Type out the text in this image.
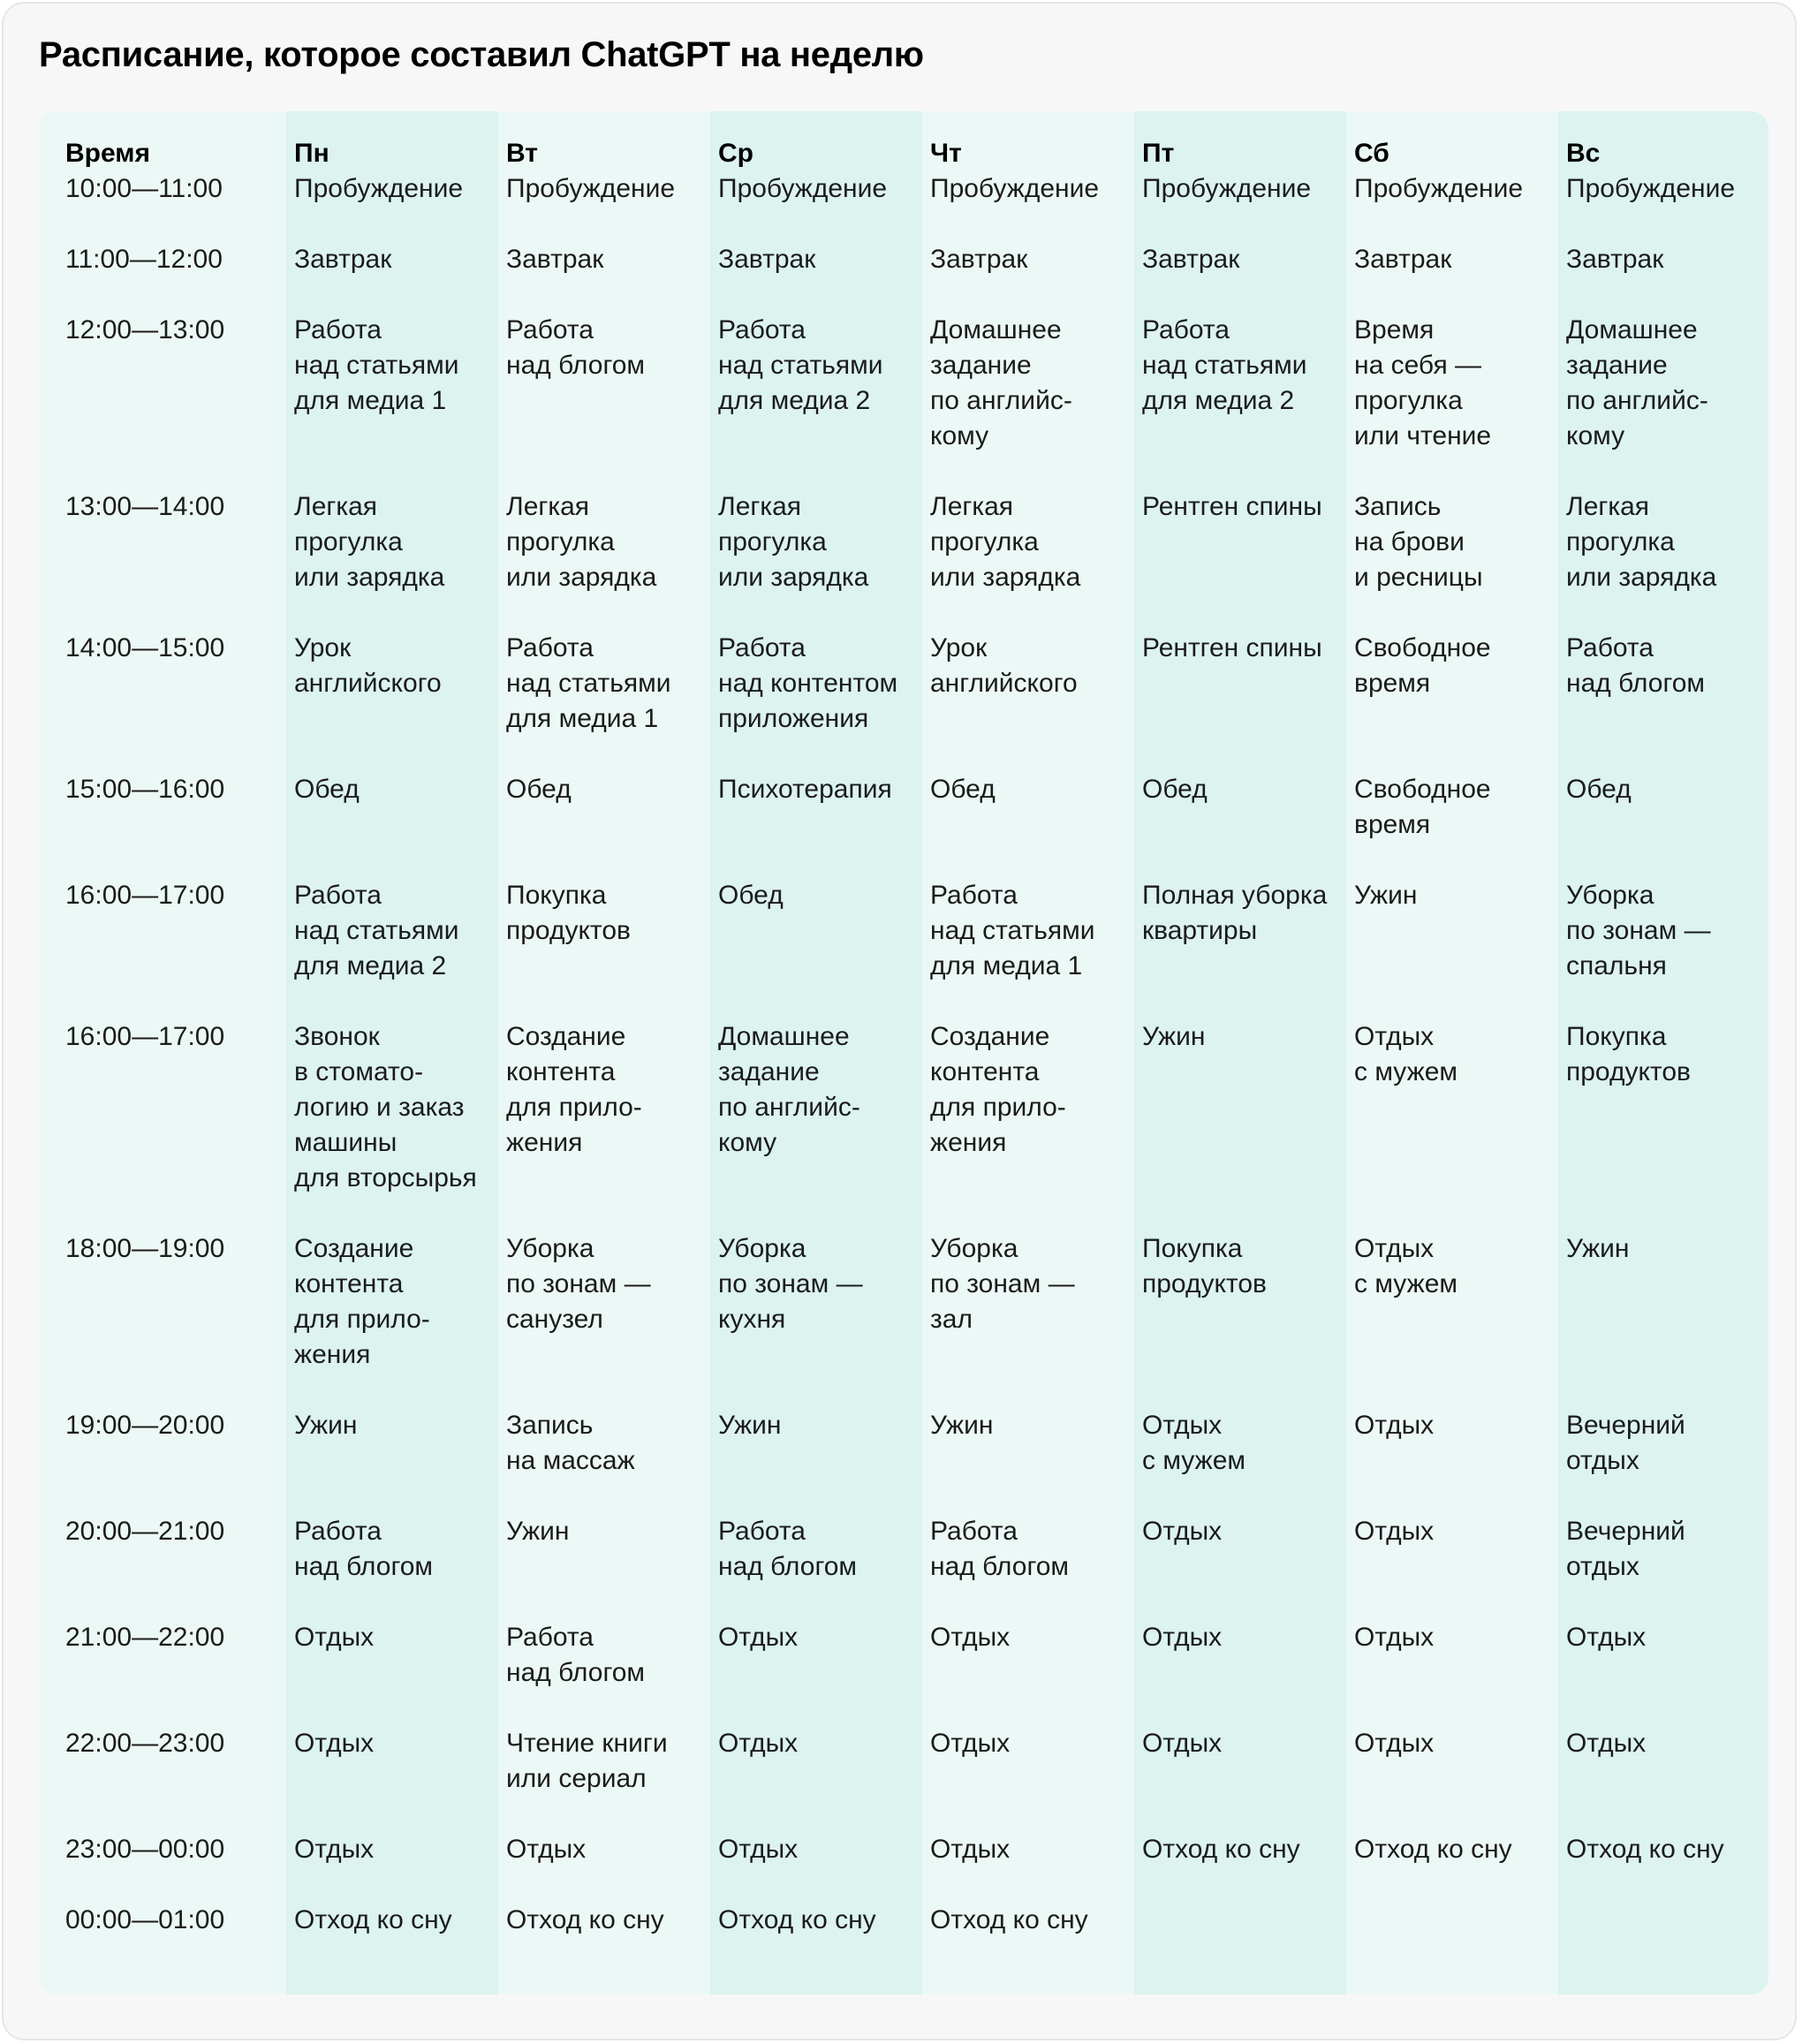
Расписание, которое составил ChatGPT на неделю
Время	Пн	Вт	Ср	Чт	Пт	Сб	Вс
10:00—11:00	Пробуждение	Пробуждение	Пробуждение	Пробуждение	Пробуждение	Пробуждение	Пробуждение
11:00—12:00	Завтрак	Завтрак	Завтрак	Завтрак	Завтрак	Завтрак	Завтрак
12:00—13:00	Работа
над статьями
для медиа 1	Работа
над блогом	Работа
над статьями
для медиа 2	Домашнее
задание
по английс-
кому	Работа
над статьями
для медиа 2	Время
на себя —
прогулка
или чтение	Домашнее
задание
по английс-
кому
13:00—14:00	Легкая
прогулка
или зарядка	Легкая
прогулка
или зарядка	Легкая
прогулка
или зарядка	Легкая
прогулка
или зарядка	Рентген спины	Запись
на брови
и ресницы	Легкая
прогулка
или зарядка
14:00—15:00	Урок
английского	Работа
над статьями
для медиа 1	Работа
над контентом
приложения	Урок
английского	Рентген спины	Свободное
время	Работа
над блогом
15:00—16:00	Обед	Обед	Психотерапия	Обед	Обед	Свободное
время	Обед
16:00—17:00	Работа
над статьями
для медиа 2	Покупка
продуктов	Обед	Работа
над статьями
для медиа 1	Полная уборка
квартиры	Ужин	Уборка
по зонам —
спальня
16:00—17:00	Звонок
в стомато-
логию и заказ
машины
для вторсырья	Создание
контента
для прило-
жения	Домашнее
задание
по английс-
кому	Создание
контента
для прило-
жения	Ужин	Отдых
с мужем	Покупка
продуктов
18:00—19:00	Создание
контента
для прило-
жения	Уборка
по зонам —
санузел	Уборка
по зонам —
кухня	Уборка
по зонам —
зал	Покупка
продуктов	Отдых
с мужем	Ужин
19:00—20:00	Ужин	Запись
на массаж	Ужин	Ужин	Отдых
с мужем	Отдых	Вечерний
отдых
20:00—21:00	Работа
над блогом	Ужин	Работа
над блогом	Работа
над блогом	Отдых	Отдых	Вечерний
отдых
21:00—22:00	Отдых	Работа
над блогом	Отдых	Отдых	Отдых	Отдых	Отдых
22:00—23:00	Отдых	Чтение книги
или сериал	Отдых	Отдых	Отдых	Отдых	Отдых
23:00—00:00	Отдых	Отдых	Отдых	Отдых	Отход ко сну	Отход ко сну	Отход ко сну
00:00—01:00	Отход ко сну	Отход ко сну	Отход ко сну	Отход ко сну			
